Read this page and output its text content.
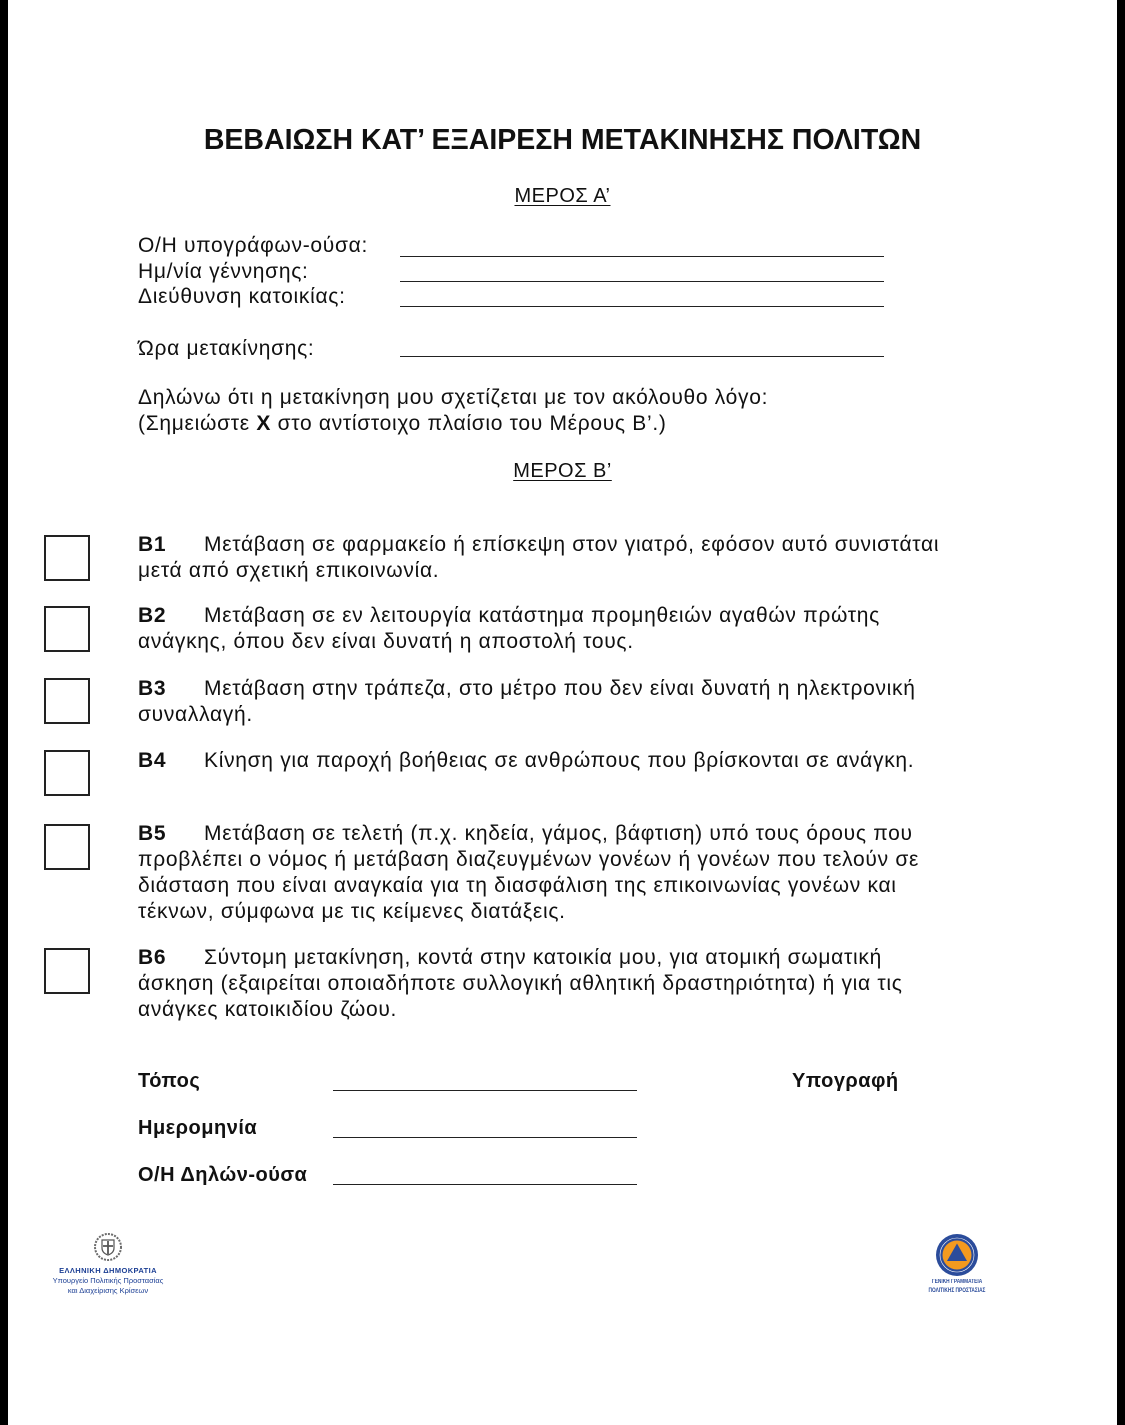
ΒΕΒΑΙΩΣΗ ΚΑΤ’ ΕΞΑΙΡΕΣΗ ΜΕΤΑΚΙΝΗΣΗΣ ΠΟΛΙΤΩΝ
ΜΕΡΟΣ Α’
Ο/Η υπογράφων-ούσα:
Ημ/νία γέννησης:
Διεύθυνση κατοικίας:
Ώρα μετακίνησης:
Δηλώνω ότι η μετακίνηση μου σχετίζεται με τον ακόλουθο λόγο:
(Σημειώστε X στο αντίστοιχο πλαίσιο του Μέρους Β’.)
ΜΕΡΟΣ Β’
Β1 Μετάβαση σε φαρμακείο ή επίσκεψη στον γιατρό, εφόσον αυτό συνιστάται
μετά από σχετική επικοινωνία.
Β2 Μετάβαση σε εν λειτουργία κατάστημα προμηθειών αγαθών πρώτης
ανάγκης, όπου δεν είναι δυνατή η αποστολή τους.
Β3 Μετάβαση στην τράπεζα, στο μέτρο που δεν είναι δυνατή η ηλεκτρονική
συναλλαγή.
Β4 Κίνηση για παροχή βοήθειας σε ανθρώπους που βρίσκονται σε ανάγκη.
Β5 Μετάβαση σε τελετή (π.χ. κηδεία, γάμος, βάφτιση) υπό τους όρους που
προβλέπει ο νόμος ή μετάβαση διαζευγμένων γονέων ή γονέων που τελούν σε
διάσταση που είναι αναγκαία για τη διασφάλιση της επικοινωνίας γονέων και
τέκνων, σύμφωνα με τις κείμενες διατάξεις.
Β6 Σύντομη μετακίνηση, κοντά στην κατοικία μου, για ατομική σωματική
άσκηση (εξαιρείται οποιαδήποτε συλλογική αθλητική δραστηριότητα) ή για τις
ανάγκες κατοικιδίου ζώου.
Τόπος
Ημερομηνία
Ο/Η Δηλών-ούσα
Υπογραφή
ΕΛΛΗΝΙΚΗ ΔΗΜΟΚΡΑΤΙΑ
Υπουργείο Πολιτικής Προστασίας
και Διαχείρισης Κρίσεων
ΓΕΝΙΚΗ ΓΡΑΜΜΑΤΕΙΑ
ΠΟΛΙΤΙΚΗΣ ΠΡΟΣΤΑΣΙΑΣ
